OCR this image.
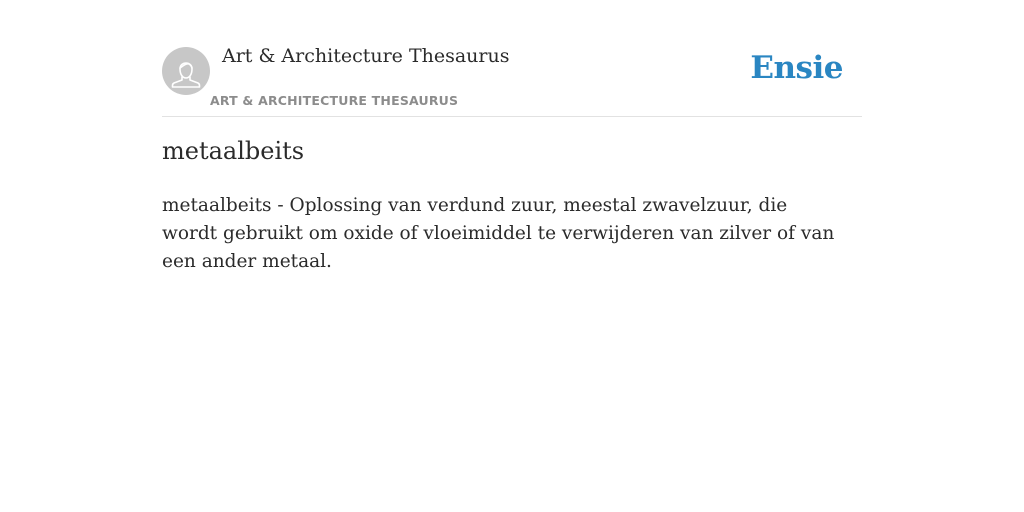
Art & Architecture Thesaurus
ART & ARCHITECTURE THESAURUS
Ensie
metaalbeits

metaalbeits - Oplossing van verdund zuur, meestal zwavelzuur, die wordt gebruikt om oxide of vloeimiddel te verwijderen van zilver of van een ander metaal.
